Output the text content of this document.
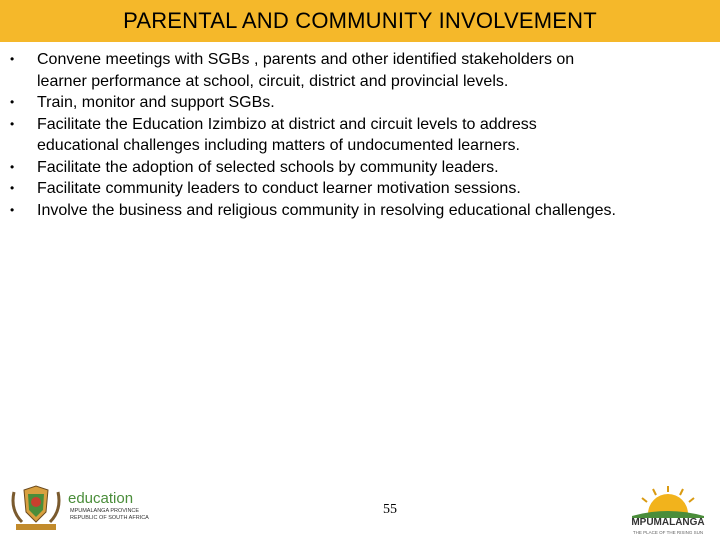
PARENTAL AND COMMUNITY INVOLVEMENT
•	Convene meetings with SGBs , parents and other identified stakeholders on
learner performance at school, circuit, district and provincial levels.
•	Train, monitor and support SGBs.
•	Facilitate the Education Izimbizo at district and circuit levels to address
educational challenges including matters of undocumented learners.
•	Facilitate the adoption of selected schools by community leaders.
•	Facilitate community leaders to conduct learner motivation sessions.
•	Involve the business and religious community in resolving educational challenges.
education
MPUMALANGA PROVINCE
REPUBLIC OF SOUTH AFRICA
55
MPUMALANGA
THE PLACE OF THE RISING SUN
